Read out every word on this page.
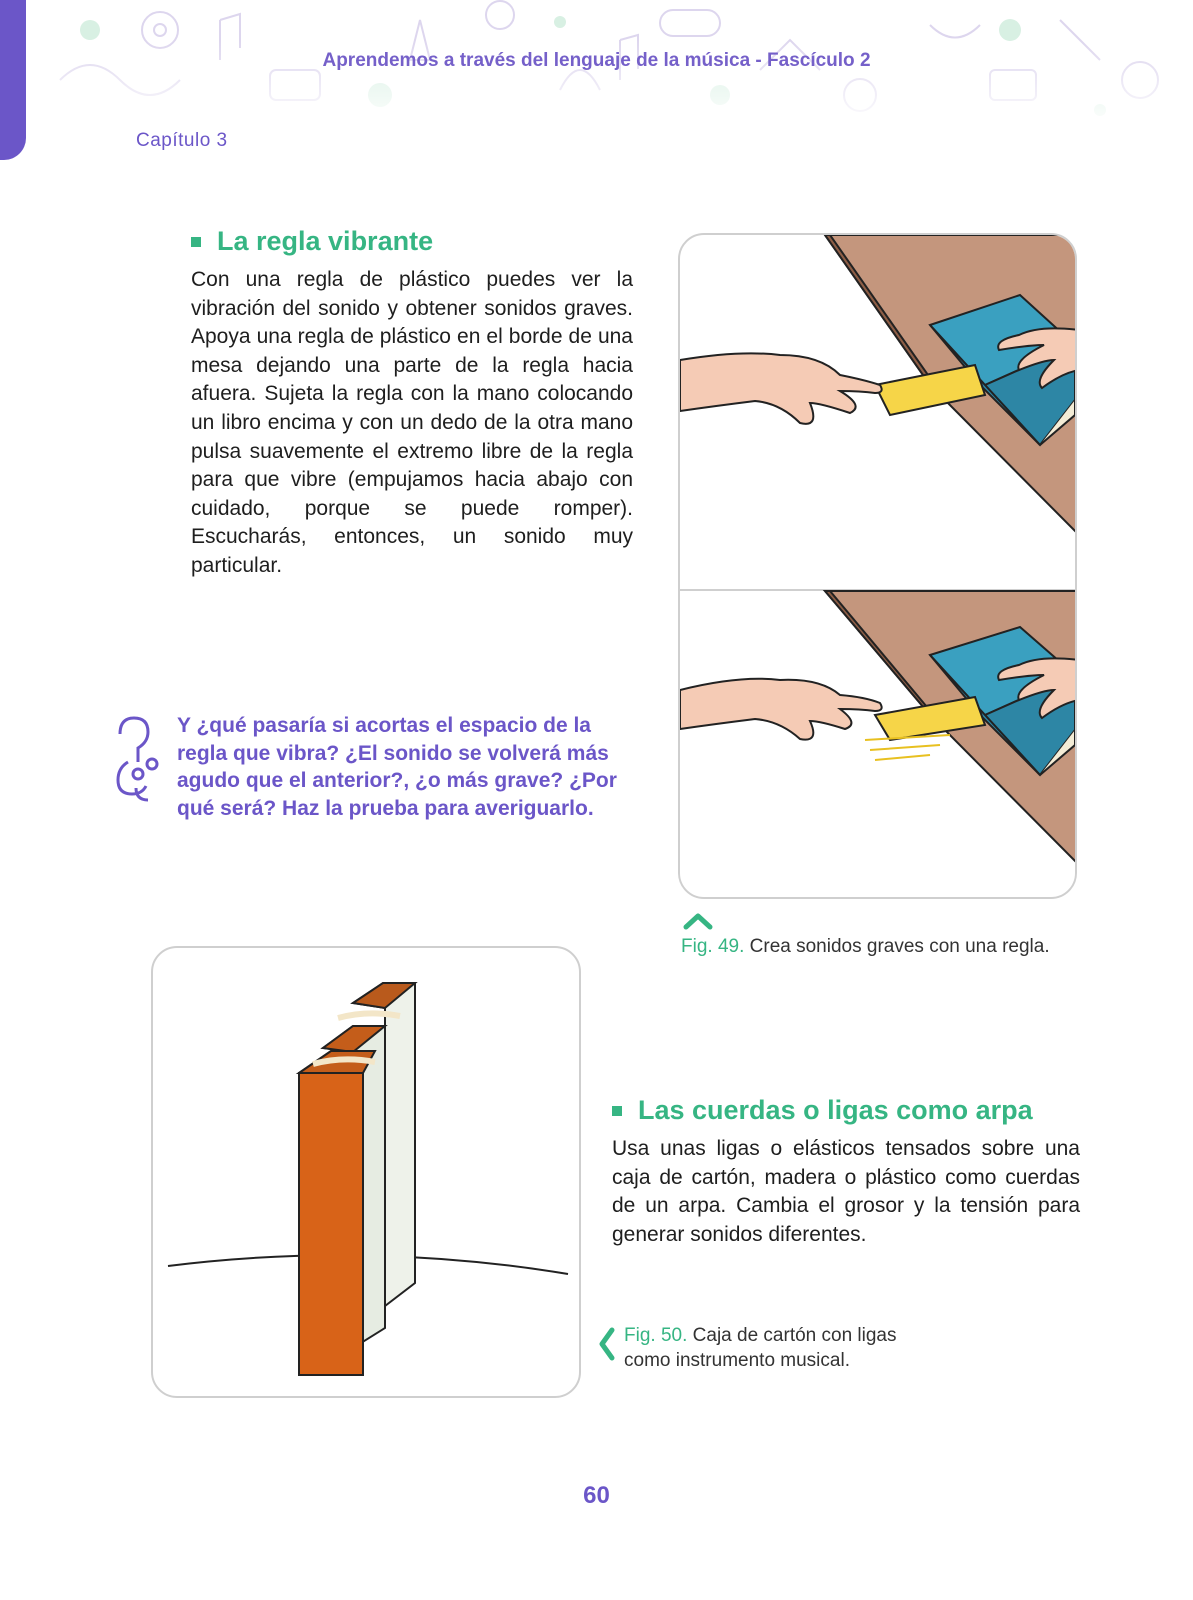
Aprendemos a través del lenguaje de la música - Fascículo 2
Capítulo 3
La regla vibrante
Con una regla de plástico puedes ver la vibración del sonido y obtener sonidos graves. Apoya una regla de plástico en el borde de una mesa dejando una parte de la regla hacia afuera. Sujeta la regla con la mano colocando un libro encima y con un dedo de la otra mano pulsa suavemente el extremo libre de la regla para que vibre (empujamos hacia abajo con cuidado, porque se puede romper). Escucharás, entonces, un sonido muy particular.
Y ¿qué pasaría si acortas el espacio de la regla que vibra? ¿El sonido se volverá más agudo que el anterior?, ¿o más grave? ¿Por qué será? Haz la prueba para averiguarlo.
Fig. 49. Crea sonidos graves con una regla.
Las cuerdas o ligas como arpa
Usa unas ligas o elásticos tensados sobre una caja de cartón, madera o plástico como cuerdas de un arpa. Cambia el grosor y la tensión para generar sonidos diferentes.
Fig. 50. Caja de cartón con ligas
como instrumento musical.
60
